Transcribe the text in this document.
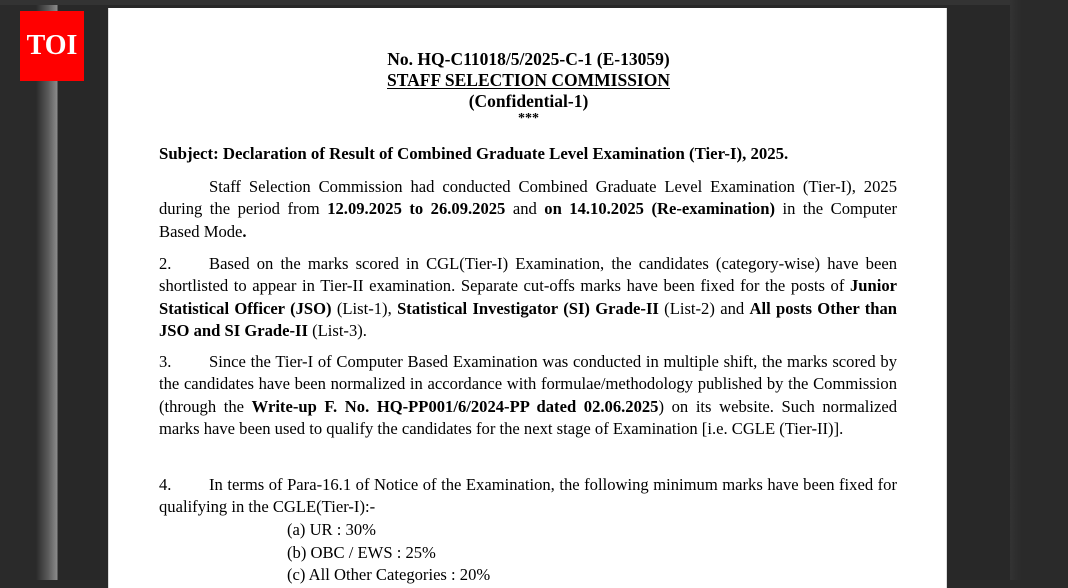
TOI	No. HQ-C11018/5/2025-C-1 (E-13059)
STAFF SELECTION COMMISSION
(Confidential-1)
***
Subject: Declaration of Result of Combined Graduate Level Examination (Tier-I), 2025.
Staff Selection Commission had conducted Combined Graduate Level Examination (Tier-I), 2025 during the period from 12.09.2025 to 26.09.2025 and on 14.10.2025 (Re-examination) in the Computer Based Mode.
2. Based on the marks scored in CGL(Tier-I) Examination, the candidates (category-wise) have been shortlisted to appear in Tier-II examination. Separate cut-offs marks have been fixed for the posts of Junior Statistical Officer (JSO) (List-1), Statistical Investigator (SI) Grade-II (List-2) and All posts Other than JSO and SI Grade-II (List-3).
3. Since the Tier-I of Computer Based Examination was conducted in multiple shift, the marks scored by the candidates have been normalized in accordance with formulae/methodology published by the Commission (through the Write-up F. No. HQ-PP001/6/2024-PP dated 02.06.2025) on its website. Such normalized marks have been used to qualify the candidates for the next stage of Examination [i.e. CGLE (Tier-II)].
4. In terms of Para-16.1 of Notice of the Examination, the following minimum marks have been fixed for qualifying in the CGLE(Tier-I):-
(a) UR : 30%
(b) OBC / EWS : 25%
(c) All Other Categories : 20%
